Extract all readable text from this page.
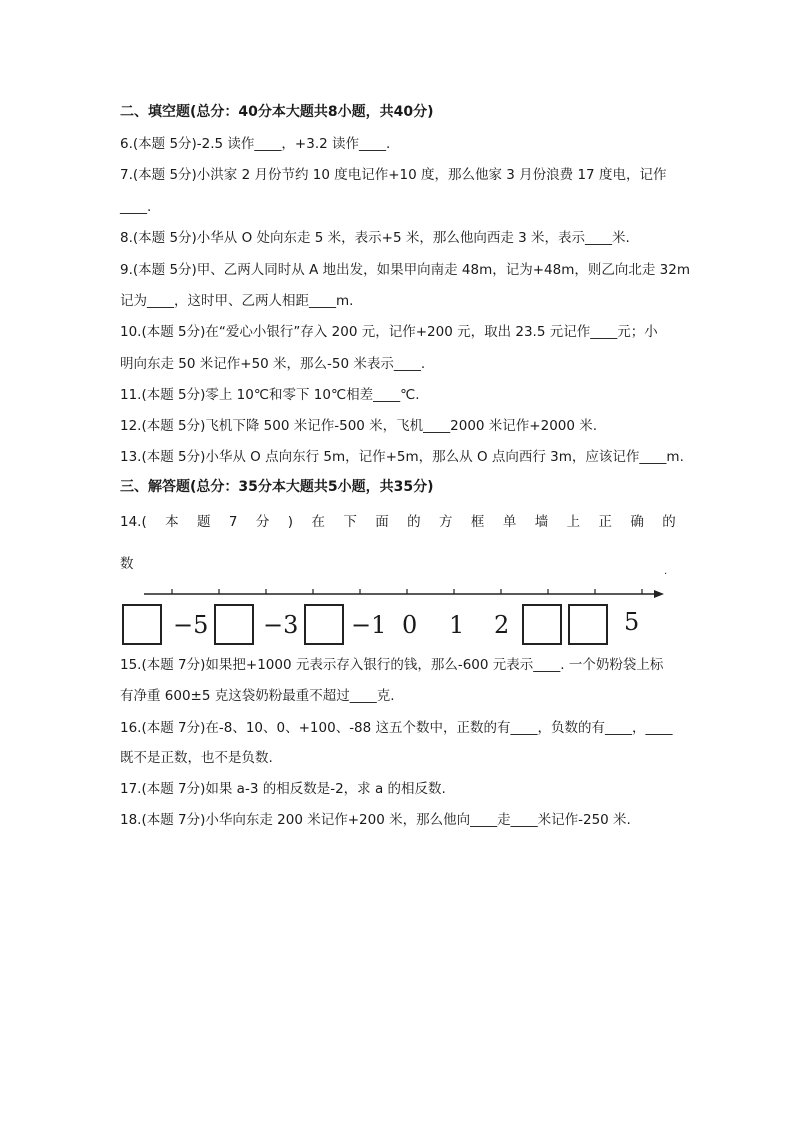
二、填空题(总分：40分本大题共8小题，共40分)
6.(本题 5分)-2.5 读作____，+3.2 读作____.
7.(本题 5分)小洪家 2 月份节约 10 度电记作+10 度，那么他家 3 月份浪费 17 度电，记作
____.
8.(本题 5分)小华从 O 处向东走 5 米，表示+5 米，那么他向西走 3 米，表示____米.
9.(本题 5分)甲、乙两人同时从 A 地出发，如果甲向南走 48m，记为+48m，则乙向北走 32m
记为____，这时甲、乙两人相距____m.
10.(本题 5分)在“爱心小银行”存入 200 元，记作+200 元，取出 23.5 元记作____元；小
明向东走 50 米记作+50 米，那么-50 米表示____.
11.(本题 5分)零上 10℃和零下 10℃相差____℃.
12.(本题 5分)飞机下降 500 米记作-500 米，飞机____2000 米记作+2000 米.
13.(本题 5分)小华从 O 点向东行 5m，记作+5m，那么从 O 点向西行 3m，应该记作____m.
三、解答题(总分：35分本大题共5小题，共35分)
14.( 本 题 7 分 ) 在 下 面 的 方 框 单 墙 上 正 确 的
数	.
−5 −3 −1 0 1 2	5
15.(本题 7分)如果把+1000 元表示存入银行的钱，那么-600 元表示____. 一个奶粉袋上标
有净重 600±5 克这袋奶粉最重不超过____克.
16.(本题 7分)在-8、10、0、+100、-88 这五个数中，正数的有____，负数的有____，____
既不是正数，也不是负数.
17.(本题 7分)如果 a-3 的相反数是-2，求 a 的相反数.
18.(本题 7分)小华向东走 200 米记作+200 米，那么他向____走____米记作-250 米.
